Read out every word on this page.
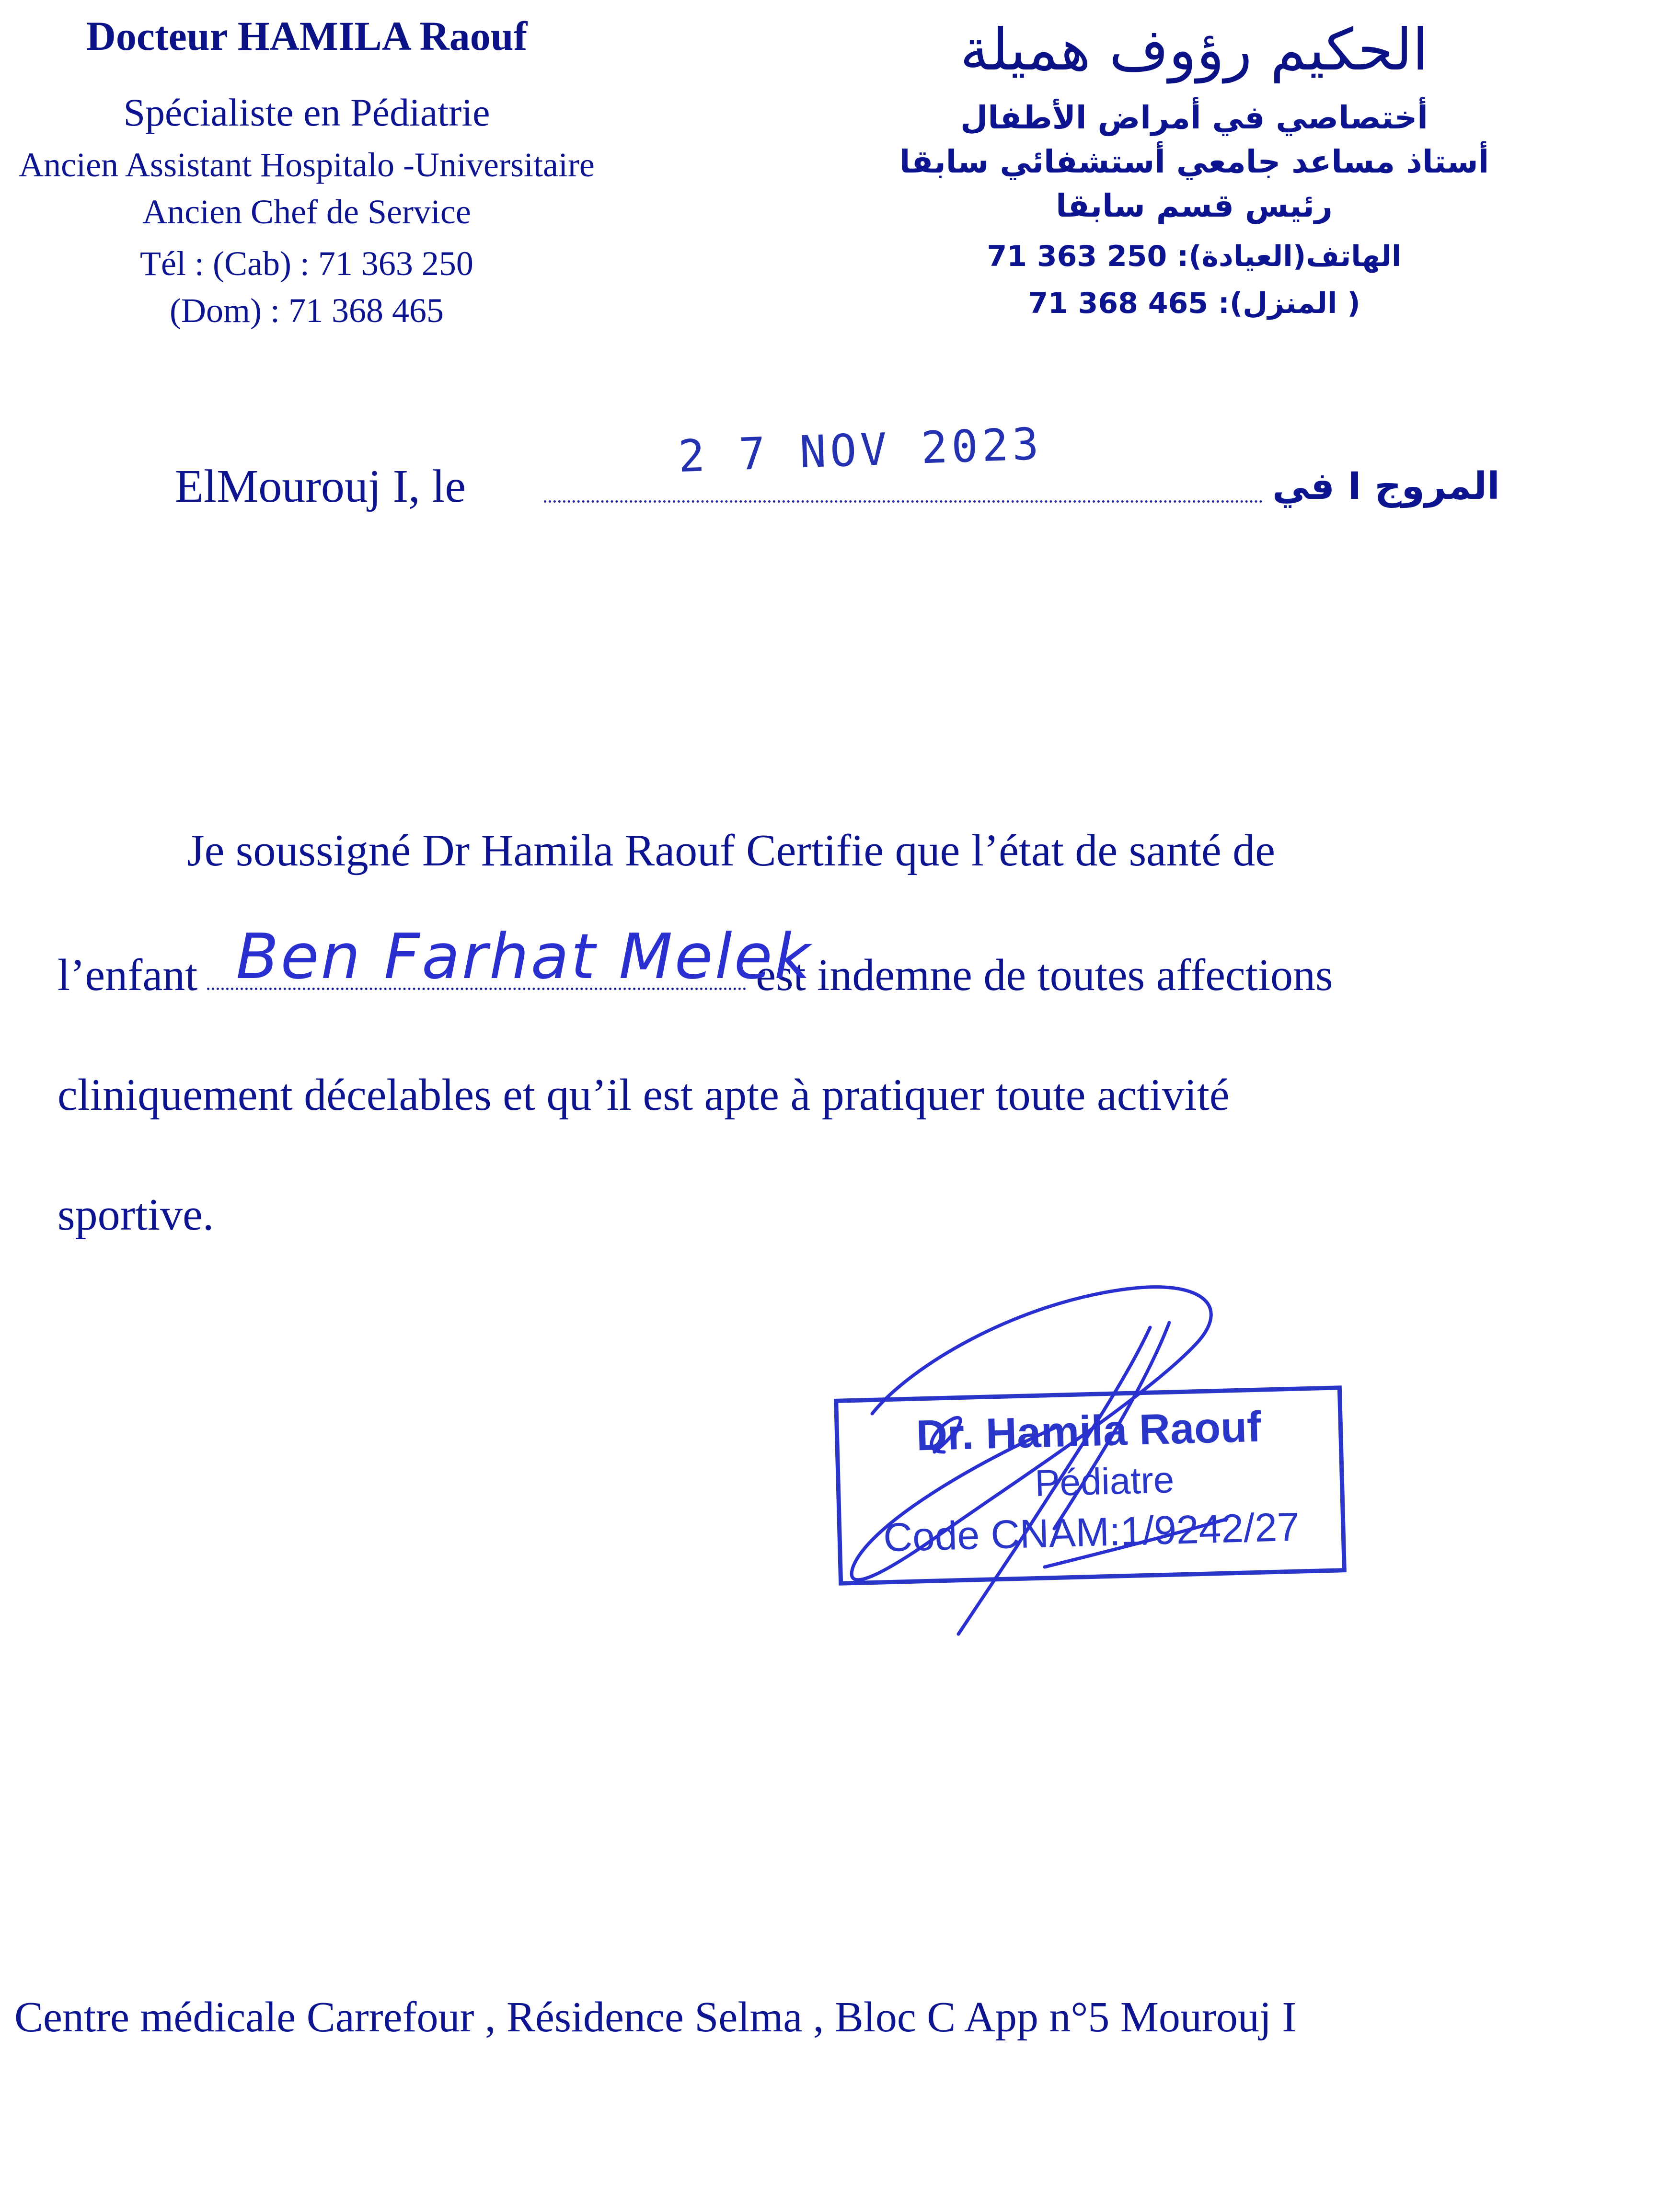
Docteur HAMILA Raouf
Spécialiste en Pédiatrie
Ancien Assistant Hospitalo -Universitaire
Ancien Chef de Service
Tél : (Cab) : 71 363 250
(Dom) : 71 368 465
الحكيم رؤوف هميلة
أختصاصي في أمراض الأطفال
أستاذ مساعد جامعي أستشفائي سابقا
رئيس قسم سابقا
الهاتف(العيادة): 250 363 71
( المنزل): 465 368 71
ElMourouj I, le
2 7 NOV 2023
المروج I في
Je soussigné Dr Hamila Raouf Certifie que l’état de santé de
l’enfant Ben Farhat Melek
est indemne de toutes affections
cliniquement décelables et qu’il est apte à pratiquer toute activité
sportive.
Dr. Hamila Raouf
Pédiatre
Code CNAM:1/9242/27
Centre médicale Carrefour , Résidence Selma , Bloc C App n°5 Mourouj I
